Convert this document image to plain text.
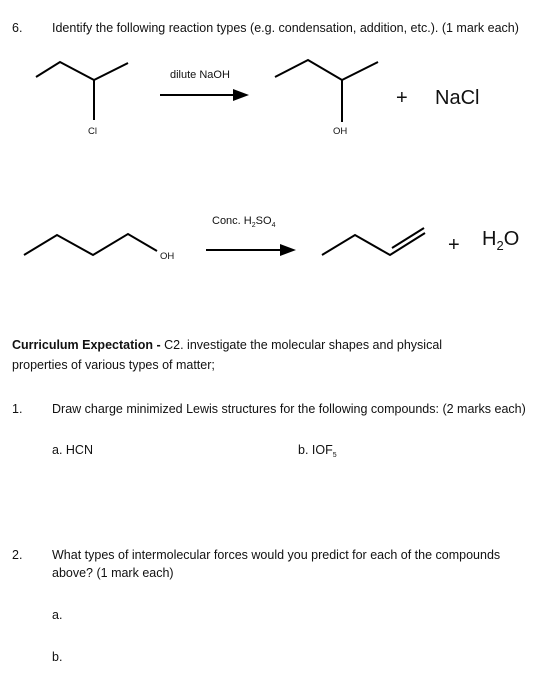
6. Identify the following reaction types (e.g. condensation, addition, etc.). (1 mark each)
dilute NaOH
Cl	OH
+ NaCl
Conc. $H_2SO_4$
OH
+ $H_2O$
Curriculum Expectation - C2. investigate the molecular shapes and physical
properties of various types of matter;
1. Draw charge minimized Lewis structures for the following compounds: (2 marks each)
a. HCN	b. $IOF_5$
2. What types of intermolecular forces would you predict for each of the compounds
above? (1 mark each)
a.
b.
